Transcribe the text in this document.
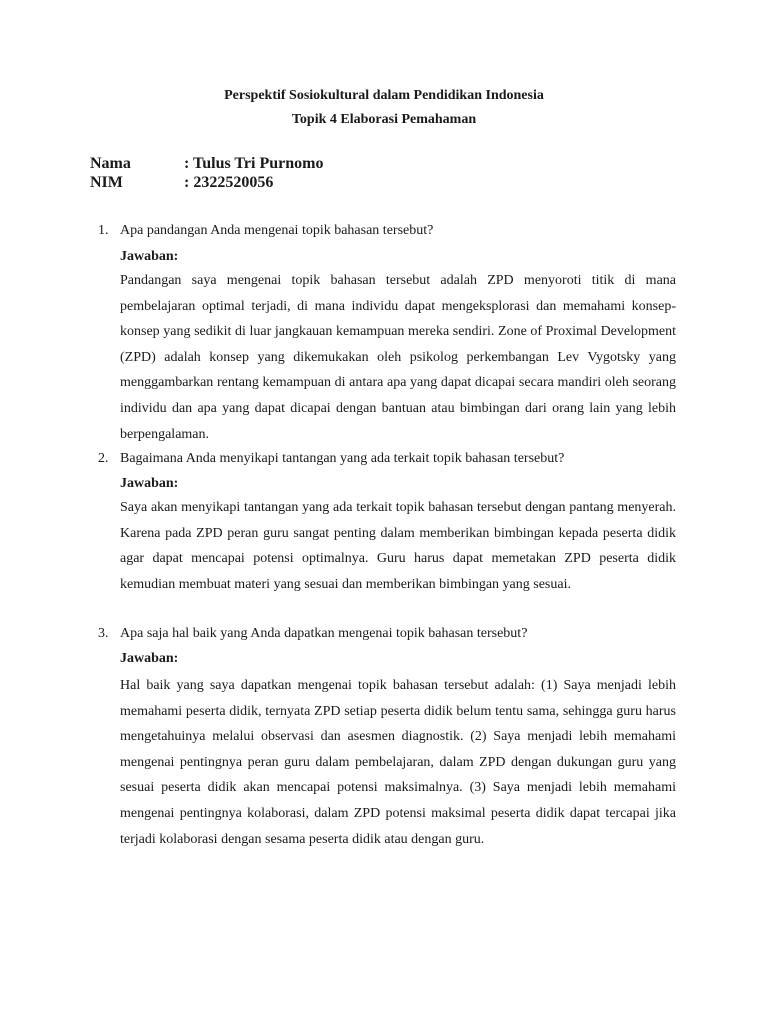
Perspektif Sosiokultural dalam Pendidikan Indonesia
Topik 4 Elaborasi Pemahaman
Nama	: Tulus Tri Purnomo
NIM	: 2322520056
1. Apa pandangan Anda mengenai topik bahasan tersebut?
Jawaban:

Pandangan saya mengenai topik bahasan tersebut adalah ZPD menyoroti titik di mana pembelajaran optimal terjadi, di mana individu dapat mengeksplorasi dan memahami konsep-konsep yang sedikit di luar jangkauan kemampuan mereka sendiri. Zone of Proximal Development (ZPD) adalah konsep yang dikemukakan oleh psikolog perkembangan Lev Vygotsky yang menggambarkan rentang kemampuan di antara apa yang dapat dicapai secara mandiri oleh seorang individu dan apa yang dapat dicapai dengan bantuan atau bimbingan dari orang lain yang lebih berpengalaman.

2. Bagaimana Anda menyikapi tantangan yang ada terkait topik bahasan tersebut?
Jawaban:

Saya akan menyikapi tantangan yang ada terkait topik bahasan tersebut dengan pantang menyerah. Karena pada ZPD peran guru sangat penting dalam memberikan bimbingan kepada peserta didik agar dapat mencapai potensi optimalnya. Guru harus dapat memetakan ZPD peserta didik kemudian membuat materi yang sesuai dan memberikan bimbingan yang sesuai.

3. Apa saja hal baik yang Anda dapatkan mengenai topik bahasan tersebut?
Jawaban:

Hal baik yang saya dapatkan mengenai topik bahasan tersebut adalah: (1) Saya menjadi lebih memahami peserta didik, ternyata ZPD setiap peserta didik belum tentu sama, sehingga guru harus mengetahuinya melalui observasi dan asesmen diagnostik. (2) Saya menjadi lebih memahami mengenai pentingnya peran guru dalam pembelajaran, dalam ZPD dengan dukungan guru yang sesuai peserta didik akan mencapai potensi maksimalnya. (3) Saya menjadi lebih memahami mengenai pentingnya kolaborasi, dalam ZPD potensi maksimal peserta didik dapat tercapai jika terjadi kolaborasi dengan sesama peserta didik atau dengan guru.
